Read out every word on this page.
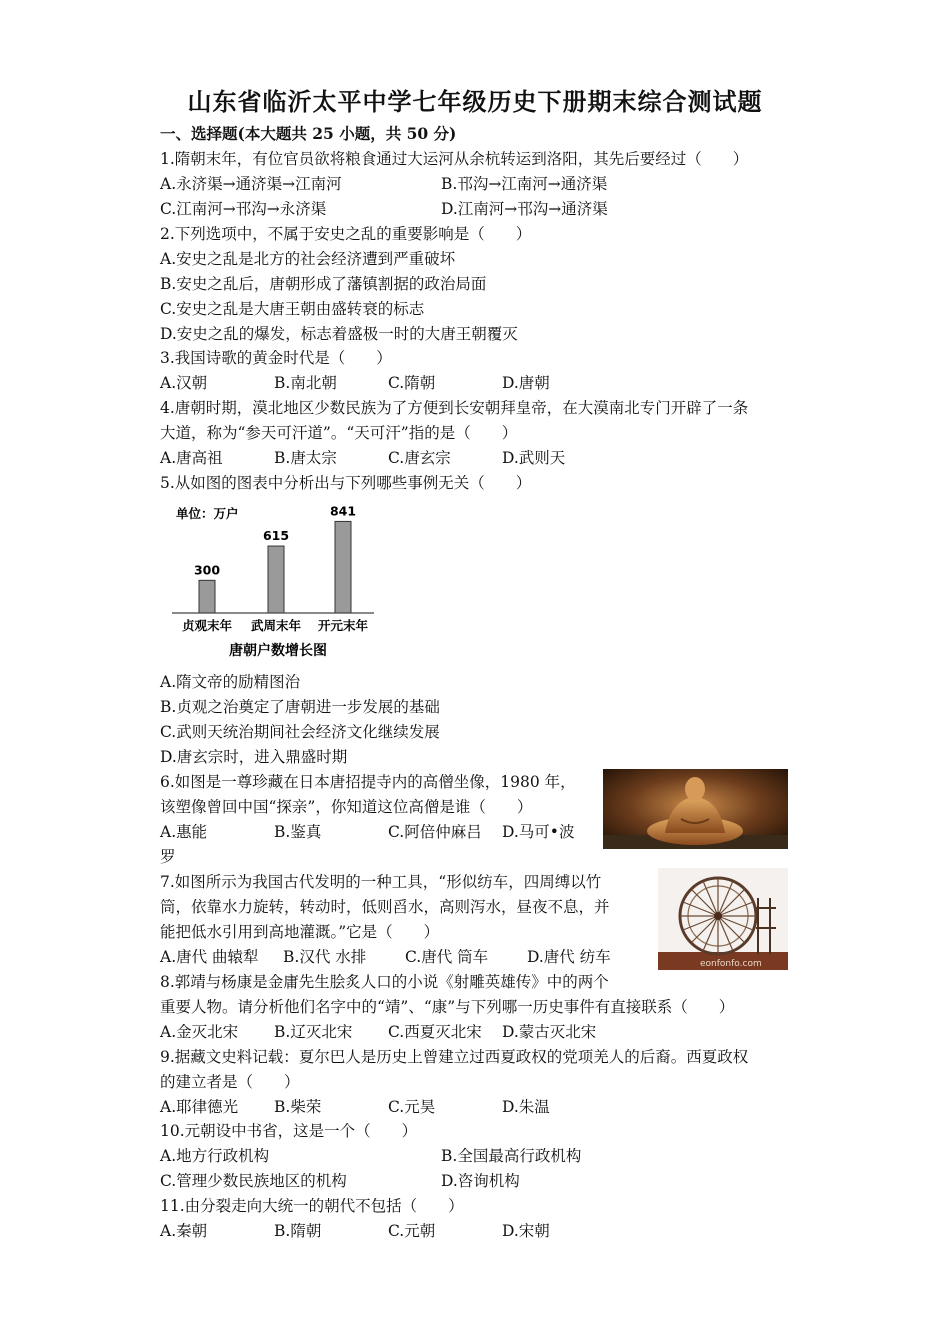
山东省临沂太平中学七年级历史下册期末综合测试题
一、选择题(本大题共 25 小题，共 50 分)
1.隋朝末年，有位官员欲将粮食通过大运河从余杭转运到洛阳，其先后要经过（　　）
A.永济渠→通济渠→江南河	B.邗沟→江南河→通济渠
C.江南河→邗沟→永济渠	D.江南河→邗沟→通济渠
2.下列选项中，不属于安史之乱的重要影响是（　　）
A.安史之乱是北方的社会经济遭到严重破坏
B.安史之乱后，唐朝形成了藩镇割据的政治局面
C.安史之乱是大唐王朝由盛转衰的标志
D.安史之乱的爆发，标志着盛极一时的大唐王朝覆灭
3.我国诗歌的黄金时代是（　　）
A.汉朝	B.南北朝	C.隋朝	D.唐朝
4.唐朝时期，漠北地区少数民族为了方便到长安朝拜皇帝，在大漠南北专门开辟了一条
大道，称为“参天可汗道”。“天可汗”指的是（　　）
A.唐高祖	B.唐太宗	C.唐玄宗	D.武则天
5.从如图的图表中分析出与下列哪些事例无关（　　）
单位：万户
300
贞观末年
615
武周末年
841
开元末年
唐朝户数增长图
A.隋文帝的励精图治
B.贞观之治奠定了唐朝进一步发展的基础
C.武则天统治期间社会经济文化继续发展
D.唐玄宗时，进入鼎盛时期
6.如图是一尊珍藏在日本唐招提寺内的高僧坐像，1980 年，
该塑像曾回中国“探亲”，你知道这位高僧是谁（　　）
A.惠能	B.鉴真	C.阿倍仲麻吕 D.马可•波
罗
7.如图所示为我国古代发明的一种工具，“形似纺车，四周缚以竹
筒，依靠水力旋转，转动时，低则舀水，高则泻水，昼夜不息，并
能把低水引用到高地灌溉。”它是（　　）
A.唐代 曲辕犁 B.汉代 水排	C.唐代 筒车	D.唐代 纺车	eonfonfo.com
8.郭靖与杨康是金庸先生脍炙人口的小说《射雕英雄传》中的两个
重要人物。请分析他们名字中的“靖”、“康”与下列哪一历史事件有直接联系（　　）
A.金灭北宋 B.辽灭北宋 C.西夏灭北宋 D.蒙古灭北宋
9.据藏文史料记载：夏尔巴人是历史上曾建立过西夏政权的党项羌人的后裔。西夏政权
的建立者是（　　）
A.耶律德光 B.柴荣	C.元昊	D.朱温
10.元朝设中书省，这是一个（　　）
A.地方行政机构	B.全国最高行政机构
C.管理少数民族地区的机构	D.咨询机构
11.由分裂走向大统一的朝代不包括（　　）
A.秦朝	B.隋朝	C.元朝	D.宋朝
